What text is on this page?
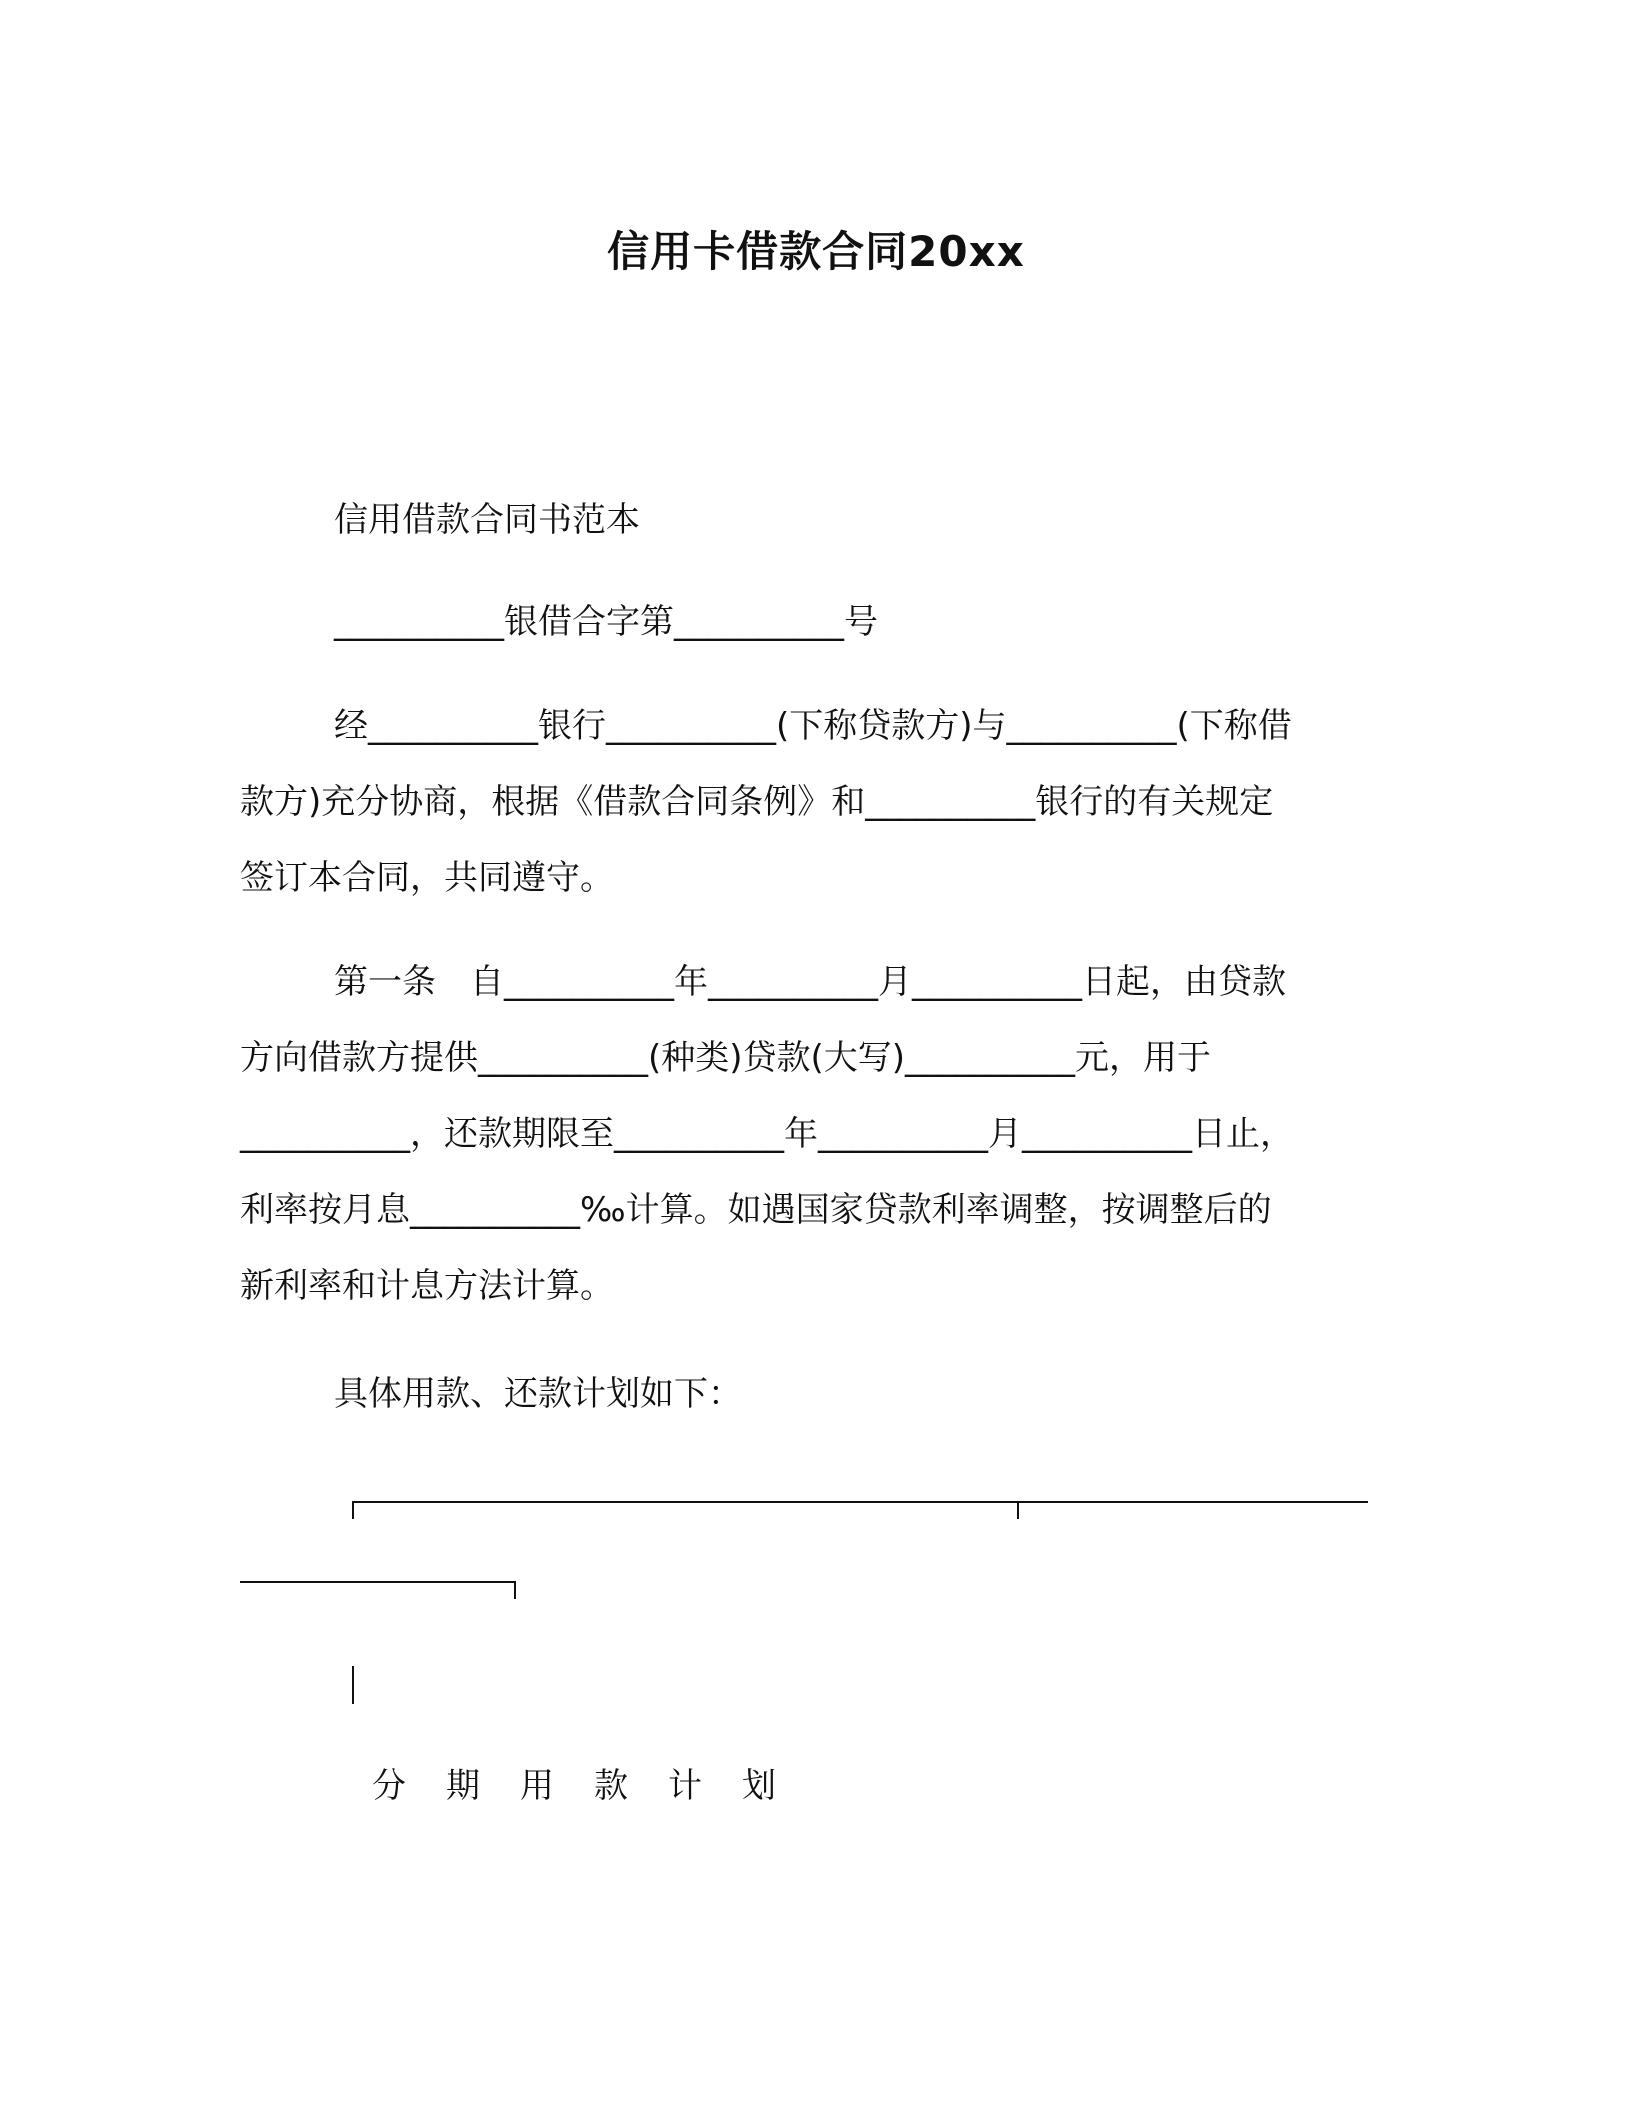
信用卡借款合同20xx
信用借款合同书范本
__________银借合字第__________号
经__________银行__________(下称贷款方)与__________(下称借
款方)充分协商，根据《借款合同条例》和__________银行的有关规定
签订本合同，共同遵守。
第一条　自__________年__________月__________日起，由贷款
方向借款方提供__________(种类)贷款(大写)__________元，用于
__________，还款期限至__________年__________月__________日止，
利率按月息__________‰计算。如遇国家贷款利率调整，按调整后的
新利率和计息方法计算。
具体用款、还款计划如下：
分期用款计划
